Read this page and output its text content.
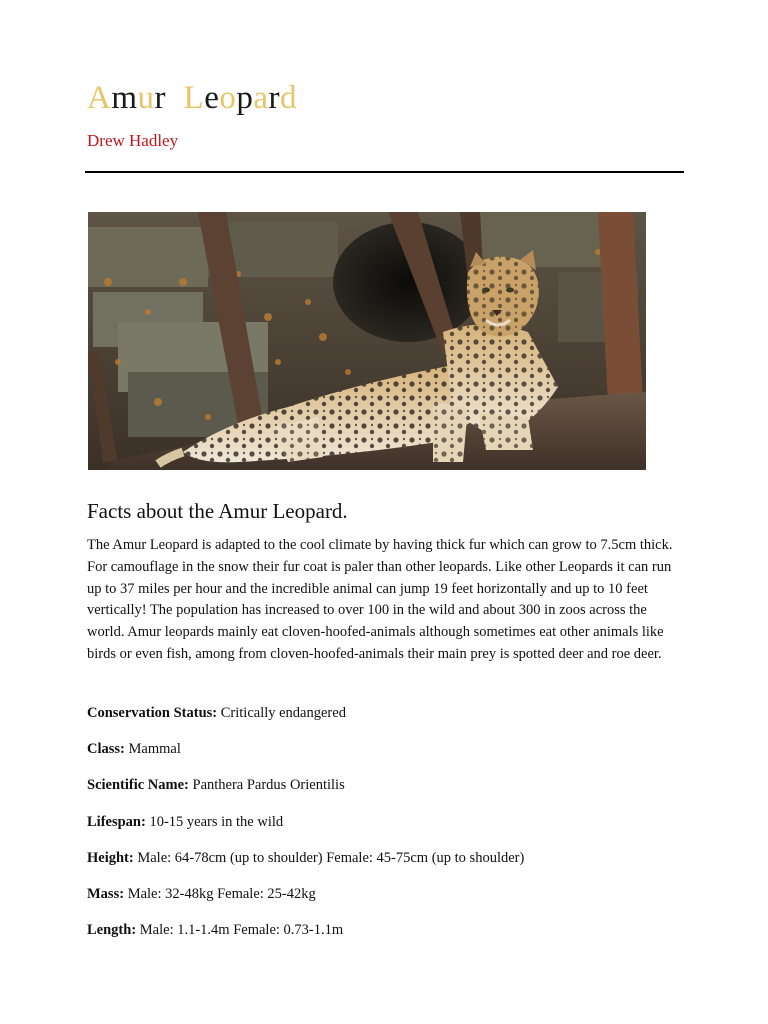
Amur Leopard
Drew Hadley
Facts about the Amur Leopard.

The Amur Leopard is adapted to the cool climate by having thick fur which can grow to 7.5cm thick. For camouflage in the snow their fur coat is paler than other leopards. Like other Leopards it can run up to 37 miles per hour and the incredible animal can jump 19 feet horizontally and up to 10 feet vertically! The population has increased to over 100 in the wild and about 300 in zoos across the world. Amur leopards mainly eat cloven-hoofed-animals although sometimes eat other animals like birds or even fish, among from cloven-hoofed-animals their main prey is spotted deer and roe deer.

Conservation Status: Critically endangered
Class: Mammal
Scientific Name: Panthera Pardus Orientilis
Lifespan: 10-15 years in the wild
Height: Male: 64-78cm (up to shoulder) Female: 45-75cm (up to shoulder)
Mass: Male: 32-48kg Female: 25-42kg
Length: Male: 1.1-1.4m Female: 0.73-1.1m
